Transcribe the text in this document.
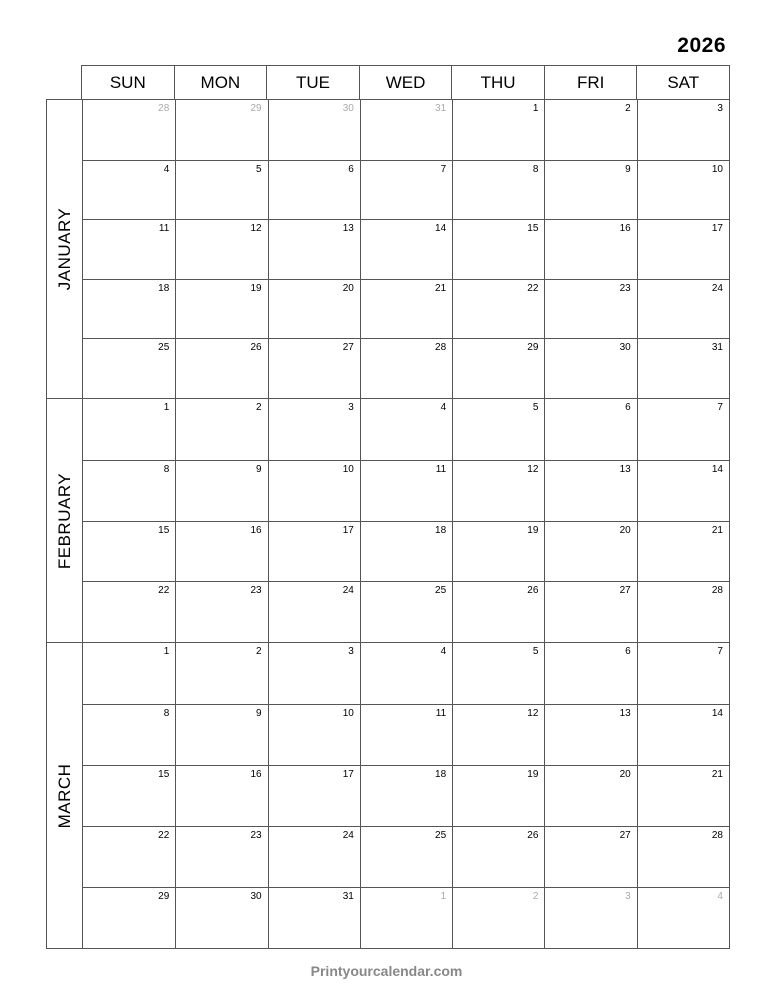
2026
SUN	MON	TUE	WED	THU	FRI	SAT
JANUARY
28	29	30	31	1	2	3
4	5	6	7	8	9	10
11	12	13	14	15	16	17
18	19	20	21	22	23	24
25	26	27	28	29	30	31
FEBRUARY
1	2	3	4	5	6	7
8	9	10	11	12	13	14
15	16	17	18	19	20	21
22	23	24	25	26	27	28
MARCH
1	2	3	4	5	6	7
8	9	10	11	12	13	14
15	16	17	18	19	20	21
22	23	24	25	26	27	28
29	30	31	1	2	3	4
Printyourcalendar.com
